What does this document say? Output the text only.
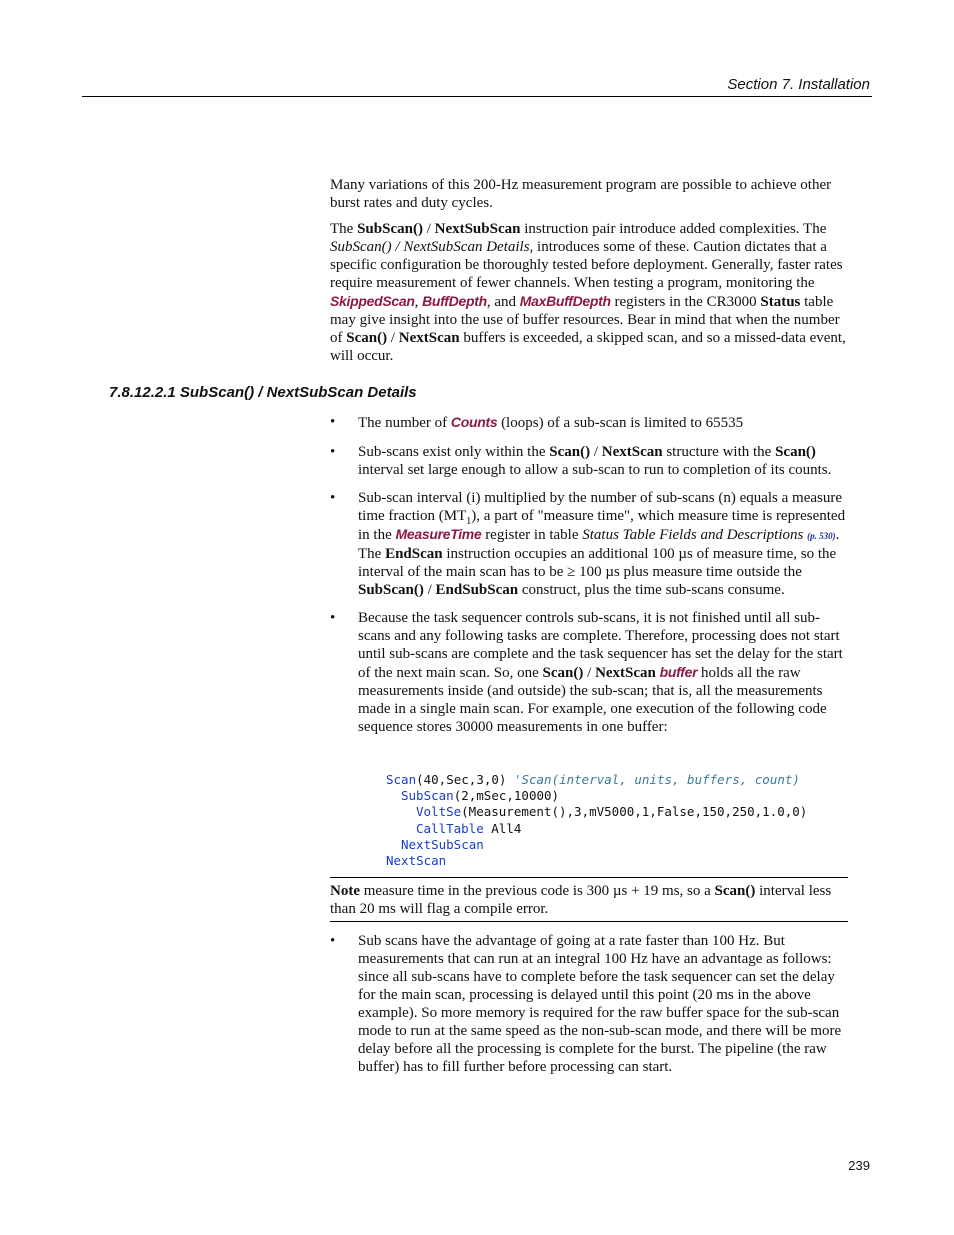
Section 7. Installation

Many variations of this 200-Hz measurement program are possible to achieve other burst rates and duty cycles.

The SubScan() / NextSubScan instruction pair introduce added complexities. The SubScan() / NextSubScan Details, introduces some of these. Caution dictates that a specific configuration be thoroughly tested before deployment. Generally, faster rates require measurement of fewer channels. When testing a program, monitoring the SkippedScan, BuffDepth, and MaxBuffDepth registers in the CR3000 Status table may give insight into the use of buffer resources. Bear in mind that when the number of Scan() / NextScan buffers is exceeded, a skipped scan, and so a missed-data event, will occur.

7.8.12.2.1 SubScan() / NextSubScan Details
• The number of Counts (loops) of a sub-scan is limited to 65535
• Sub-scans exist only within the Scan() / NextScan structure with the Scan() interval set large enough to allow a sub-scan to run to completion of its counts.
• Sub-scan interval (i) multiplied by the number of sub-scans (n) equals a measure time fraction $(MT_1)$, a part of "measure time", which measure time is represented in the MeasureTime register in table Status Table Fields and Descriptions (p. 530). The EndScan instruction occupies an additional 100 µs of measure time, so the interval of the main scan has to be ≥ 100 µs plus measure time outside the SubScan() / EndSubScan construct, plus the time sub-scans consume.
• Because the task sequencer controls sub-scans, it is not finished until all sub-scans and any following tasks are complete. Therefore, processing does not start until sub-scans are complete and the task sequencer has set the delay for the start of the next main scan. So, one Scan() / NextScan buffer holds all the raw measurements inside (and outside) the sub-scan; that is, all the measurements made in a single main scan. For example, one execution of the following code sequence stores 30000 measurements in one buffer:
Scan(40,Sec,3,0) 'Scan(interval, units, buffers, count)
SubScan(2,mSec,10000)
VoltSe(Measurement(),3,mV5000,1,False,150,250,1.0,0)
CallTable All4
NextSubScan
NextScan
Note measure time in the previous code is 300 µs + 19 ms, so a Scan() interval less than 20 ms will flag a compile error.
• Sub scans have the advantage of going at a rate faster than 100 Hz. But measurements that can run at an integral 100 Hz have an advantage as follows: since all sub-scans have to complete before the task sequencer can set the delay for the main scan, processing is delayed until this point (20 ms in the above example). So more memory is required for the raw buffer space for the sub-scan mode to run at the same speed as the non-sub-scan mode, and there will be more delay before all the processing is complete for the burst. The pipeline (the raw buffer) has to fill further before processing can start.
239
